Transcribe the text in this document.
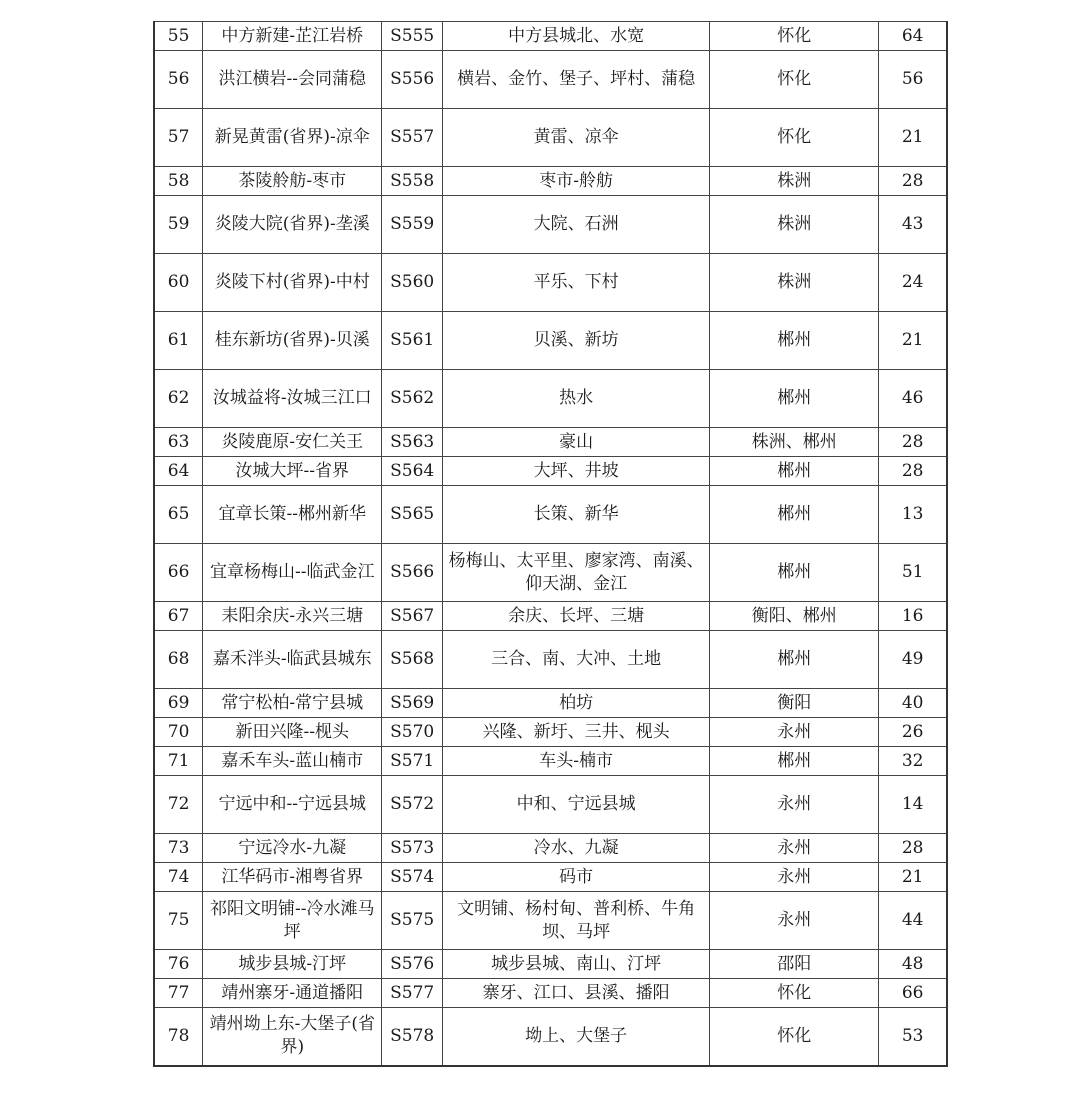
55	中方新建-芷江岩桥	S555	中方县城北、水宽	怀化	64
56	洪江横岩--会同蒲稳	S556	横岩、金竹、堡子、坪村、蒲稳	怀化	56
57	新晃黄雷(省界)-凉伞	S557	黄雷、凉伞	怀化	21
58	茶陵舲舫-枣市	S558	枣市-舲舫	株洲	28
59	炎陵大院(省界)-垄溪	S559	大院、石洲	株洲	43
60	炎陵下村(省界)-中村	S560	平乐、下村	株洲	24
61	桂东新坊(省界)-贝溪	S561	贝溪、新坊	郴州	21
62	汝城益将-汝城三江口	S562	热水	郴州	46
63	炎陵鹿原-安仁关王	S563	豪山	株洲、郴州	28
64	汝城大坪--省界	S564	大坪、井坡	郴州	28
65	宜章长策--郴州新华	S565	长策、新华	郴州	13
66	宜章杨梅山--临武金江	S566	杨梅山、太平里、廖家湾、南溪、仰天湖、金江	郴州	51
67	耒阳余庆-永兴三塘	S567	余庆、长坪、三塘	衡阳、郴州	16
68	嘉禾泮头-临武县城东	S568	三合、南、大冲、土地	郴州	49
69	常宁松柏-常宁县城	S569	柏坊	衡阳	40
70	新田兴隆--枧头	S570	兴隆、新圩、三井、枧头	永州	26
71	嘉禾车头-蓝山楠市	S571	车头-楠市	郴州	32
72	宁远中和--宁远县城	S572	中和、宁远县城	永州	14
73	宁远冷水-九凝	S573	冷水、九凝	永州	28
74	江华码市-湘粤省界	S574	码市	永州	21
75	祁阳文明铺--冷水滩马坪	S575	文明铺、杨村甸、普利桥、牛角坝、马坪	永州	44
76	城步县城-汀坪	S576	城步县城、南山、汀坪	邵阳	48
77	靖州寨牙-通道播阳	S577	寨牙、江口、县溪、播阳	怀化	66
78	靖州坳上东-大堡子(省界)	S578	坳上、大堡子	怀化	53
